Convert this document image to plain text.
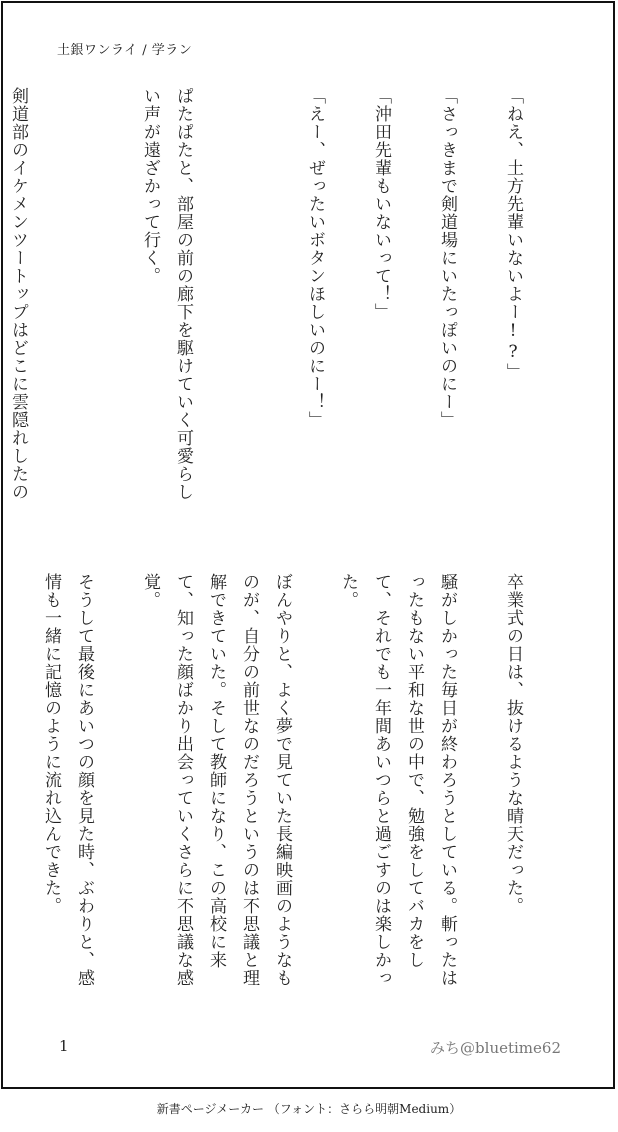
土銀ワンライ / 学ラン

「ねえ、土方先輩いないよー!?」

「さっきまで剣道場にいたっぽいのにー」

「沖田先輩もいないって！」

「えー、ぜったいボタンほしいのにー！」

ぱたぱたと、部屋の前の廊下を駆けていく可愛らしい声が遠ざかって行く。

剣道部のイケメンツートップはどこに雲隠れしたの

卒業式の日は、抜けるような晴天だった。

騒がしかった毎日が終わろうとしている。斬ったはったもない平和な世の中で、勉強をしてバカをして、それでも一年間あいつらと過ごすのは楽しかった。

ぼんやりと、よく夢で見ていた長編映画のようなものが、自分の前世なのだろうというのは不思議と理解できていた。そして教師になり、この高校に来て、知った顔ばかり出会っていくさらに不思議な感覚。

そうして最後にあいつの顔を見た時、ぶわりと、感情も一緒に記憶のように流れ込んできた。

1	みち@bluetime62
新書ページメーカー （フォント：さらら明朝Medium）
